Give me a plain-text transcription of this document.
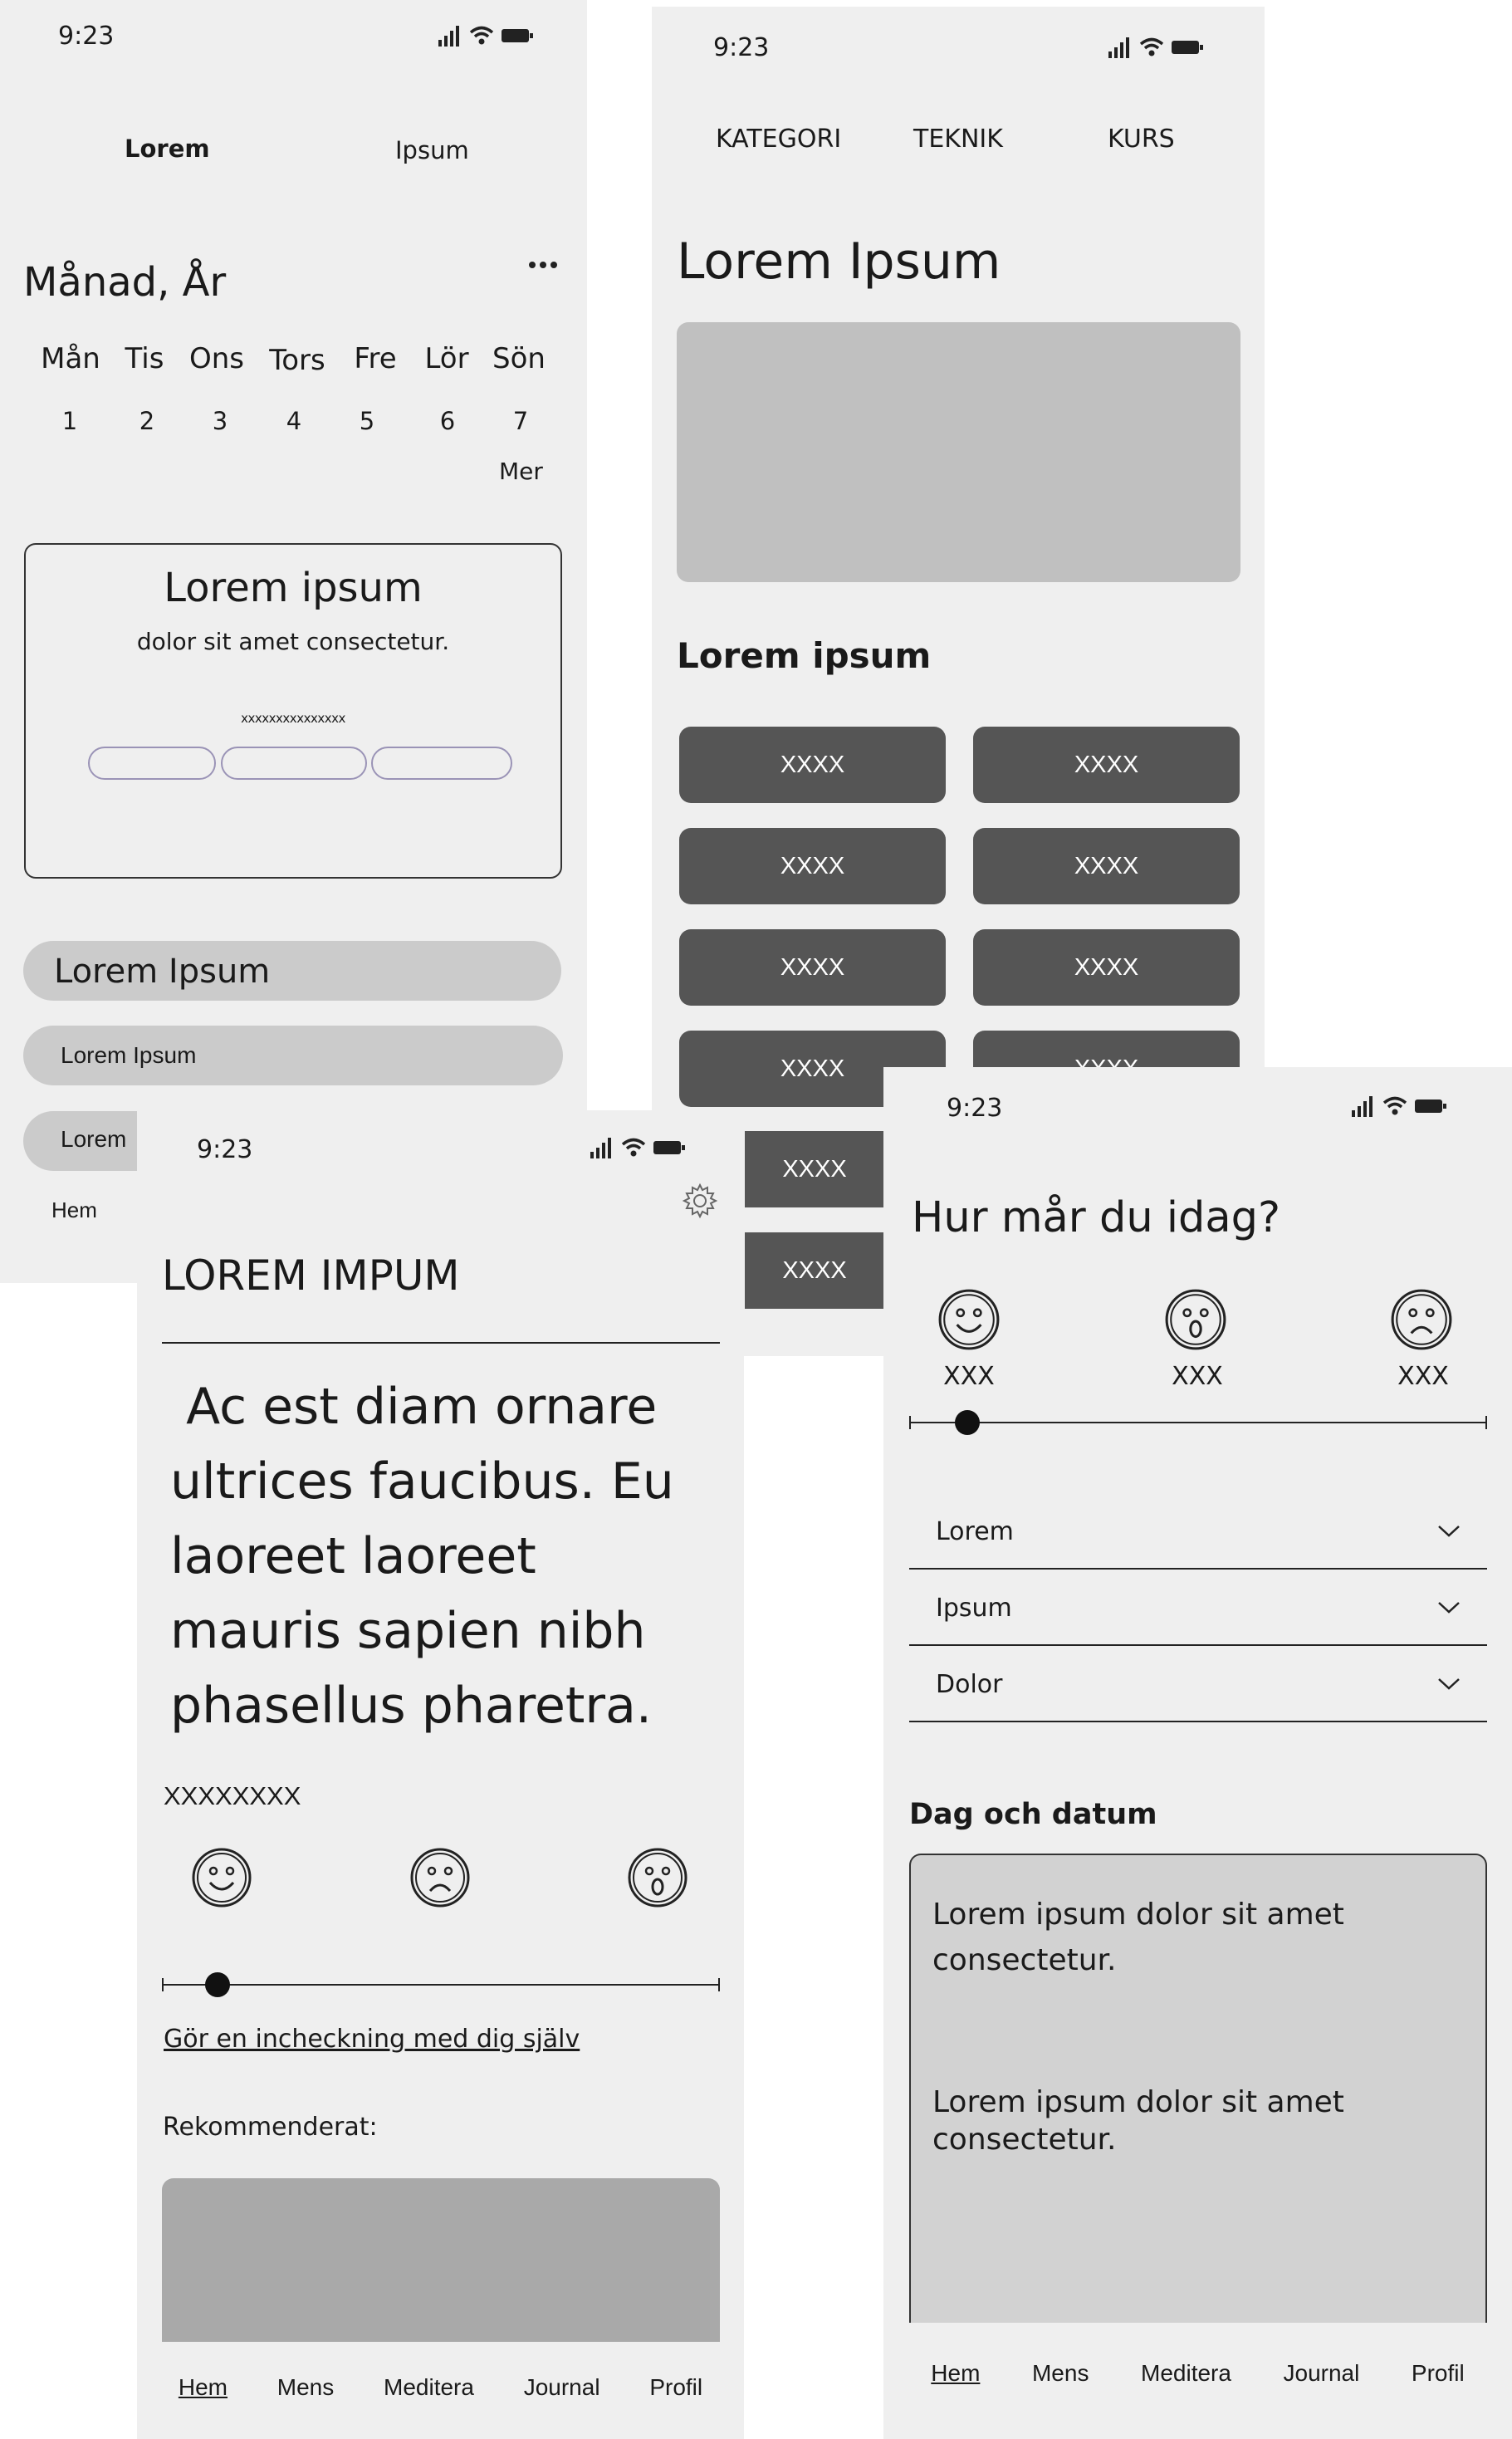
9:23
Lorem	Ipsum
Månad, År
Mån Tis Ons Tors Fre Lör Sön
1	2 3 4 5	6 7
Mer
Lorem ipsum
dolor sit amet consectetur.
xxxxxxxxxxxxxxx
Lorem Ipsum
Lorem Ipsum
Lorem
Hem
9:23
KATEGORI	TEKNIK	KURS
Lorem Ipsum
Lorem ipsum
XXXX	XXXX
XXXX	XXXX
XXXX	XXXX
XXXX
XXXX
XXXX
9:23
LOREM IMPUM
Ac est diam ornare ultrices faucibus. Eu laoreet laoreet mauris sapien nibh phasellus pharetra.
XXXXXXXX
Gör en incheckning med dig själv
Rekommenderat:
Hem Mens Meditera Journal Profil
9:23
Hur mår du idag?
XXX	XXX	XXX
Lorem
Ipsum
Dolor
Dag och datum
Lorem ipsum dolor sit amet consectetur.
Lorem ipsum dolor sit amet consectetur.
Hem Mens Meditera Journal Profil
